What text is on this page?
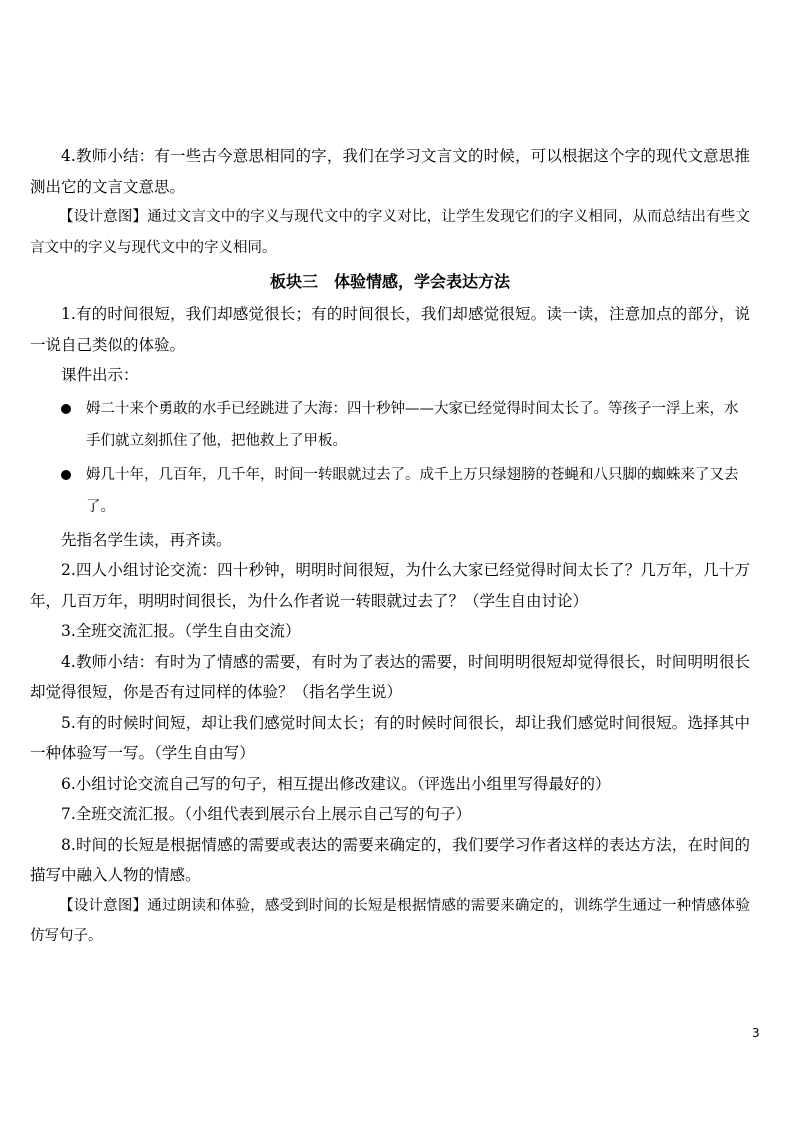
4.教师小结：有一些古今意思相同的字，我们在学习文言文的时候，可以根据这个字的现代文意思推测出它的文言文意思。

【设计意图】通过文言文中的字义与现代文中的字义对比，让学生发现它们的字义相同，从而总结出有些文言文中的字义与现代文中的字义相同。

板块三　体验情感，学会表达方法

1.有的时间很短，我们却感觉很长；有的时间很长，我们却感觉很短。读一读，注意加点的部分，说一说自己类似的体验。

课件出示：

姆二十来个勇敢的水手已经跳进了大海：四十秒钟——大家已经觉得时间太长了。等孩子一浮上来，水手们就立刻抓住了他，把他救上了甲板。
姆几十年，几百年，几千年，时间一转眼就过去了。成千上万只绿翅膀的苍蝇和八只脚的蜘蛛来了又去了。

先指名学生读，再齐读。

2.四人小组讨论交流：四十秒钟，明明时间很短，为什么大家已经觉得时间太长了？几万年，几十万年，几百万年，明明时间很长，为什么作者说一转眼就过去了？（学生自由讨论）

3.全班交流汇报。（学生自由交流）

4.教师小结：有时为了情感的需要，有时为了表达的需要，时间明明很短却觉得很长，时间明明很长却觉得很短，你是否有过同样的体验？（指名学生说）

5.有的时候时间短，却让我们感觉时间太长；有的时候时间很长，却让我们感觉时间很短。选择其中一种体验写一写。（学生自由写）

6.小组讨论交流自己写的句子，相互提出修改建议。（评选出小组里写得最好的）

7.全班交流汇报。（小组代表到展示台上展示自己写的句子）

8.时间的长短是根据情感的需要或表达的需要来确定的，我们要学习作者这样的表达方法，在时间的描写中融入人物的情感。

【设计意图】通过朗读和体验，感受到时间的长短是根据情感的需要来确定的，训练学生通过一种情感体验仿写句子。

3
